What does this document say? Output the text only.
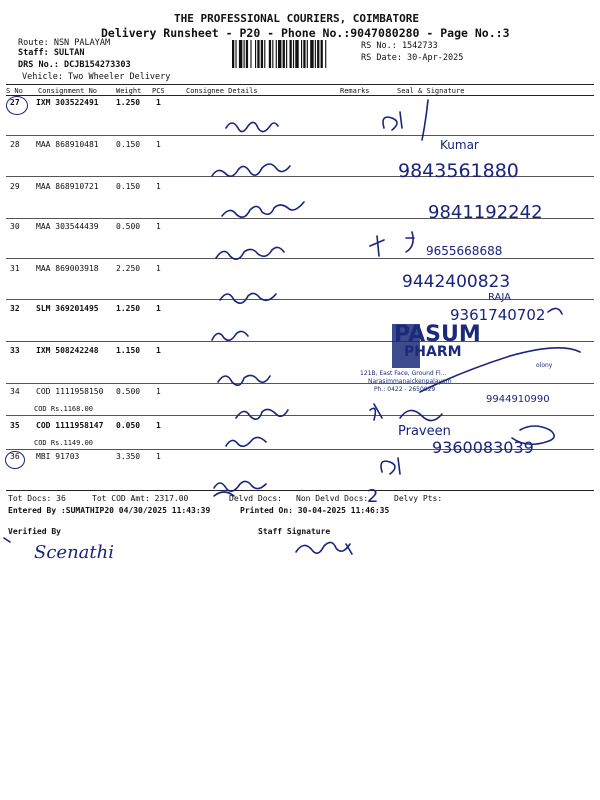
THE PROFESSIONAL COURIERS, COIMBATORE
Delivery Runsheet - P20 - Phone No.:9047080280 - Page No.:3
Route: NSN PALAYAM
Staff: SULTAN
DRS No.: DCJB154273303
Vehicle: Two Wheeler Delivery
RS No.: 1542733
RS Date: 30-Apr-2025
S No Consignment No	Weight PCS	Consignee Details	Remarks	Seal & Signature
27 IXM 303522491 1.250 1
28 MAA 868910481 0.150 1
29 MAA 868910721 0.150 1
30 MAA 303544439 0.500 1
31 MAA 869003918 2.250 1
32 SLM 369201495 1.250 1
33 IXM 508242248 1.150 1
34 COD 1111958150 0.500 1
COD Rs.1168.00
35 COD 1111958147 0.050 1
COD Rs.1149.00
36 MBI 91703	3.350 1
Kumar
9843561880
9841192242
9655668688
9442400823
RAJA
9361740702
9944910990
Praveen
9360083039
2
PASUM
PHARM
olony
121B, East Face, Ground Fl...
Narasimmanaickenpalayam
Ph.: 0422 - 2650029
Tot Docs: 36	Tot COD Amt: 2317.00	Delvd Docs: Non Delvd Docs:	Delvy Pts:
Entered By :SUMATHIP20 04/30/2025 11:43:39	Printed On: 30-04-2025 11:46:35
Verified By	Staff Signature
Scenathi
